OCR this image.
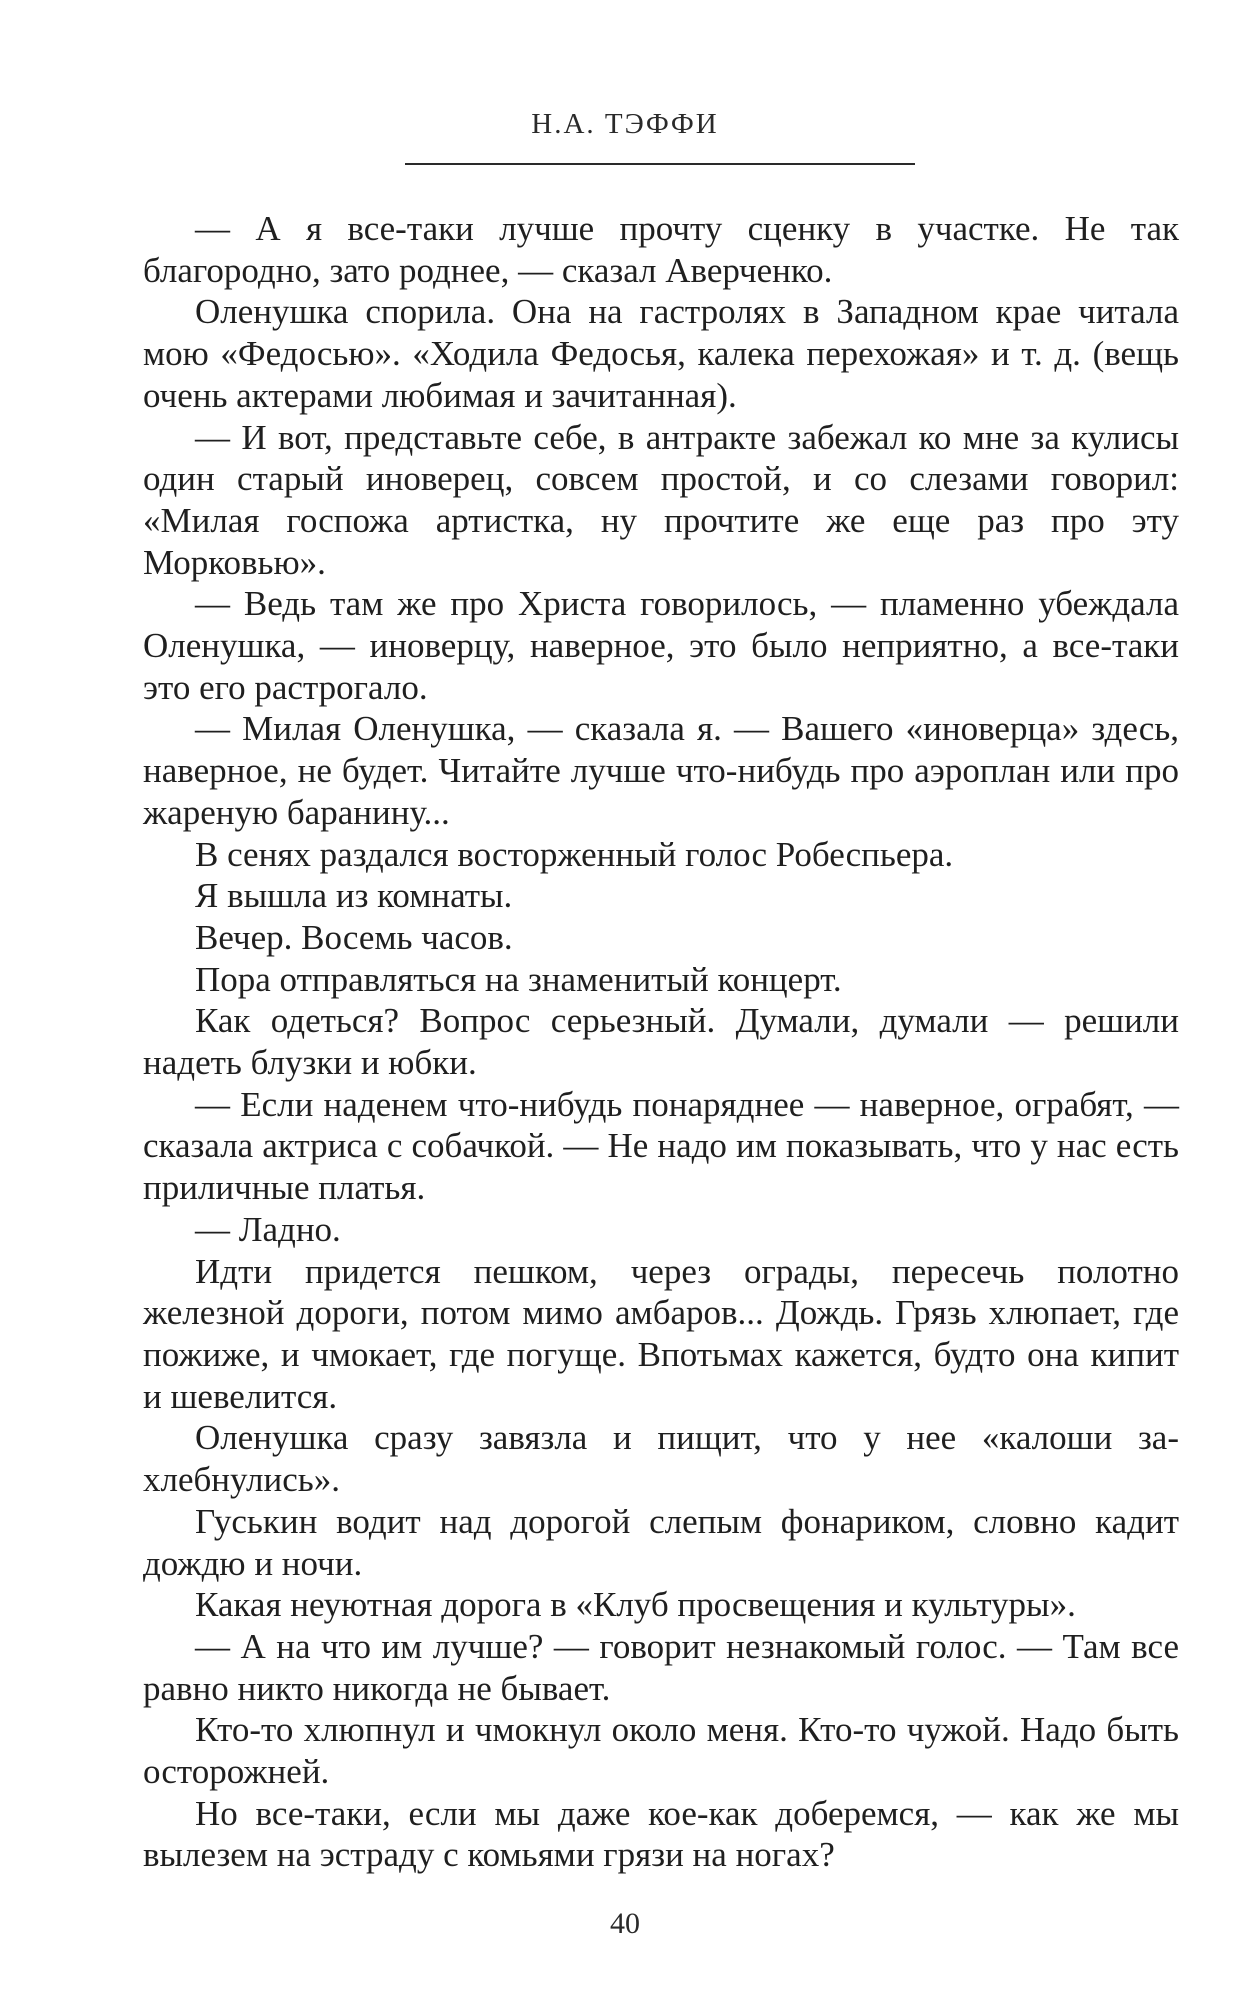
Н.А. ТЭФФИ

— А я все-таки лучше прочту сценку в участке. Не так благородно, зато роднее, — сказал Аверченко.

Оленушка спорила. Она на гастролях в Западном крае читала мою «Федосью». «Ходила Федосья, калека перехожая» и т. д. (вещь очень актерами любимая и зачитанная).

— И вот, представьте себе, в антракте забежал ко мне за кулисы один старый иноверец, совсем простой, и со слезами говорил: «Милая госпожа артистка, ну прочтите же еще раз про эту Морковью».

— Ведь там же про Христа говорилось, — пламенно убеждала Оленушка, — иноверцу, наверное, это было неприятно, а все-таки это его растрогало.

— Милая Оленушка, — сказала я. — Вашего «иноверца» здесь, наверное, не будет. Читайте лучше что-нибудь про аэроплан или про жареную баранину...

В сенях раздался восторженный голос Робеспьера.

Я вышла из комнаты.

Вечер. Восемь часов.

Пора отправляться на знаменитый концерт.

Как одеться? Вопрос серьезный. Думали, думали — решили надеть блузки и юбки.

— Если наденем что-нибудь понаряднее — наверное, ограбят, — сказала актриса с собачкой. — Не надо им показывать, что у нас есть приличные платья.

— Ладно.

Идти придется пешком, через ограды, пересечь полотно железной дороги, потом мимо амбаров... Дождь. Грязь хлюпает, где пожиже, и чмокает, где погуще. Впотьмах кажется, будто она кипит и шевелится.

Оленушка сразу завязла и пищит, что у нее «калоши захлебнулись».

Гуськин водит над дорогой слепым фонариком, словно кадит дождю и ночи.

Какая неуютная дорога в «Клуб просвещения и культуры».

— А на что им лучше? — говорит незнакомый голос. — Там все равно никто никогда не бывает.

Кто-то хлюпнул и чмокнул около меня. Кто-то чужой. Надо быть осторожней.

Но все-таки, если мы даже кое-как доберемся, — как же мы вылезем на эстраду с комьями грязи на ногах?

40
